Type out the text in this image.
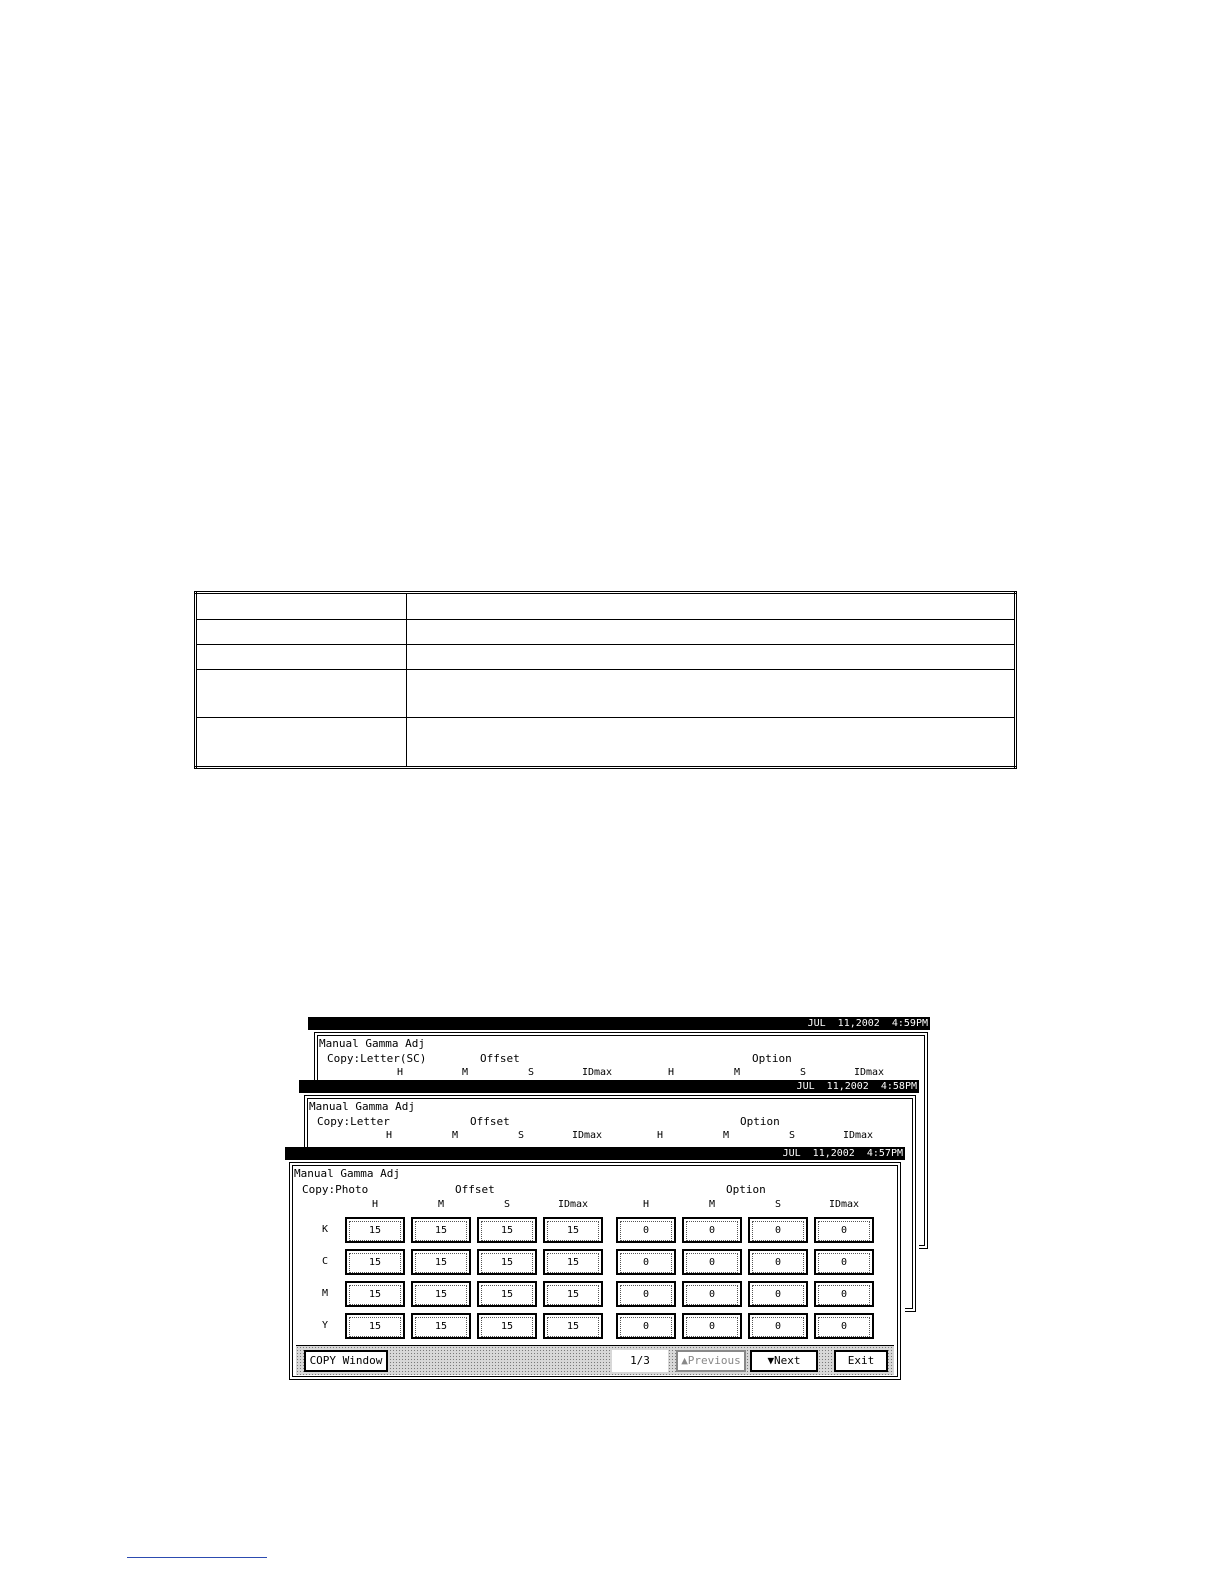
JUL  11,2002  4:59PM
Manual Gamma Adj
Copy:Letter(SC)	Offset	Option
H	M	S	IDmax	H	M	S	IDmax
JUL  11,2002  4:58PM
Manual Gamma Adj
Copy:Letter	Offset	Option
H	M	S	IDmax	H	M	S	IDmax
JUL  11,2002  4:57PM
Manual Gamma Adj
Copy:Photo	Offset	Option
H	M	S	IDmax	H	M	S	IDmax
K	15	15	15	15	0	0	0	0
C	15	15	15	15	0	0	0	0
M	15	15	15	15	0	0	0	0
Y	15	15	15	15	0	0	0	0
COPY Window	1/3	▲Previous	▼Next	Exit
